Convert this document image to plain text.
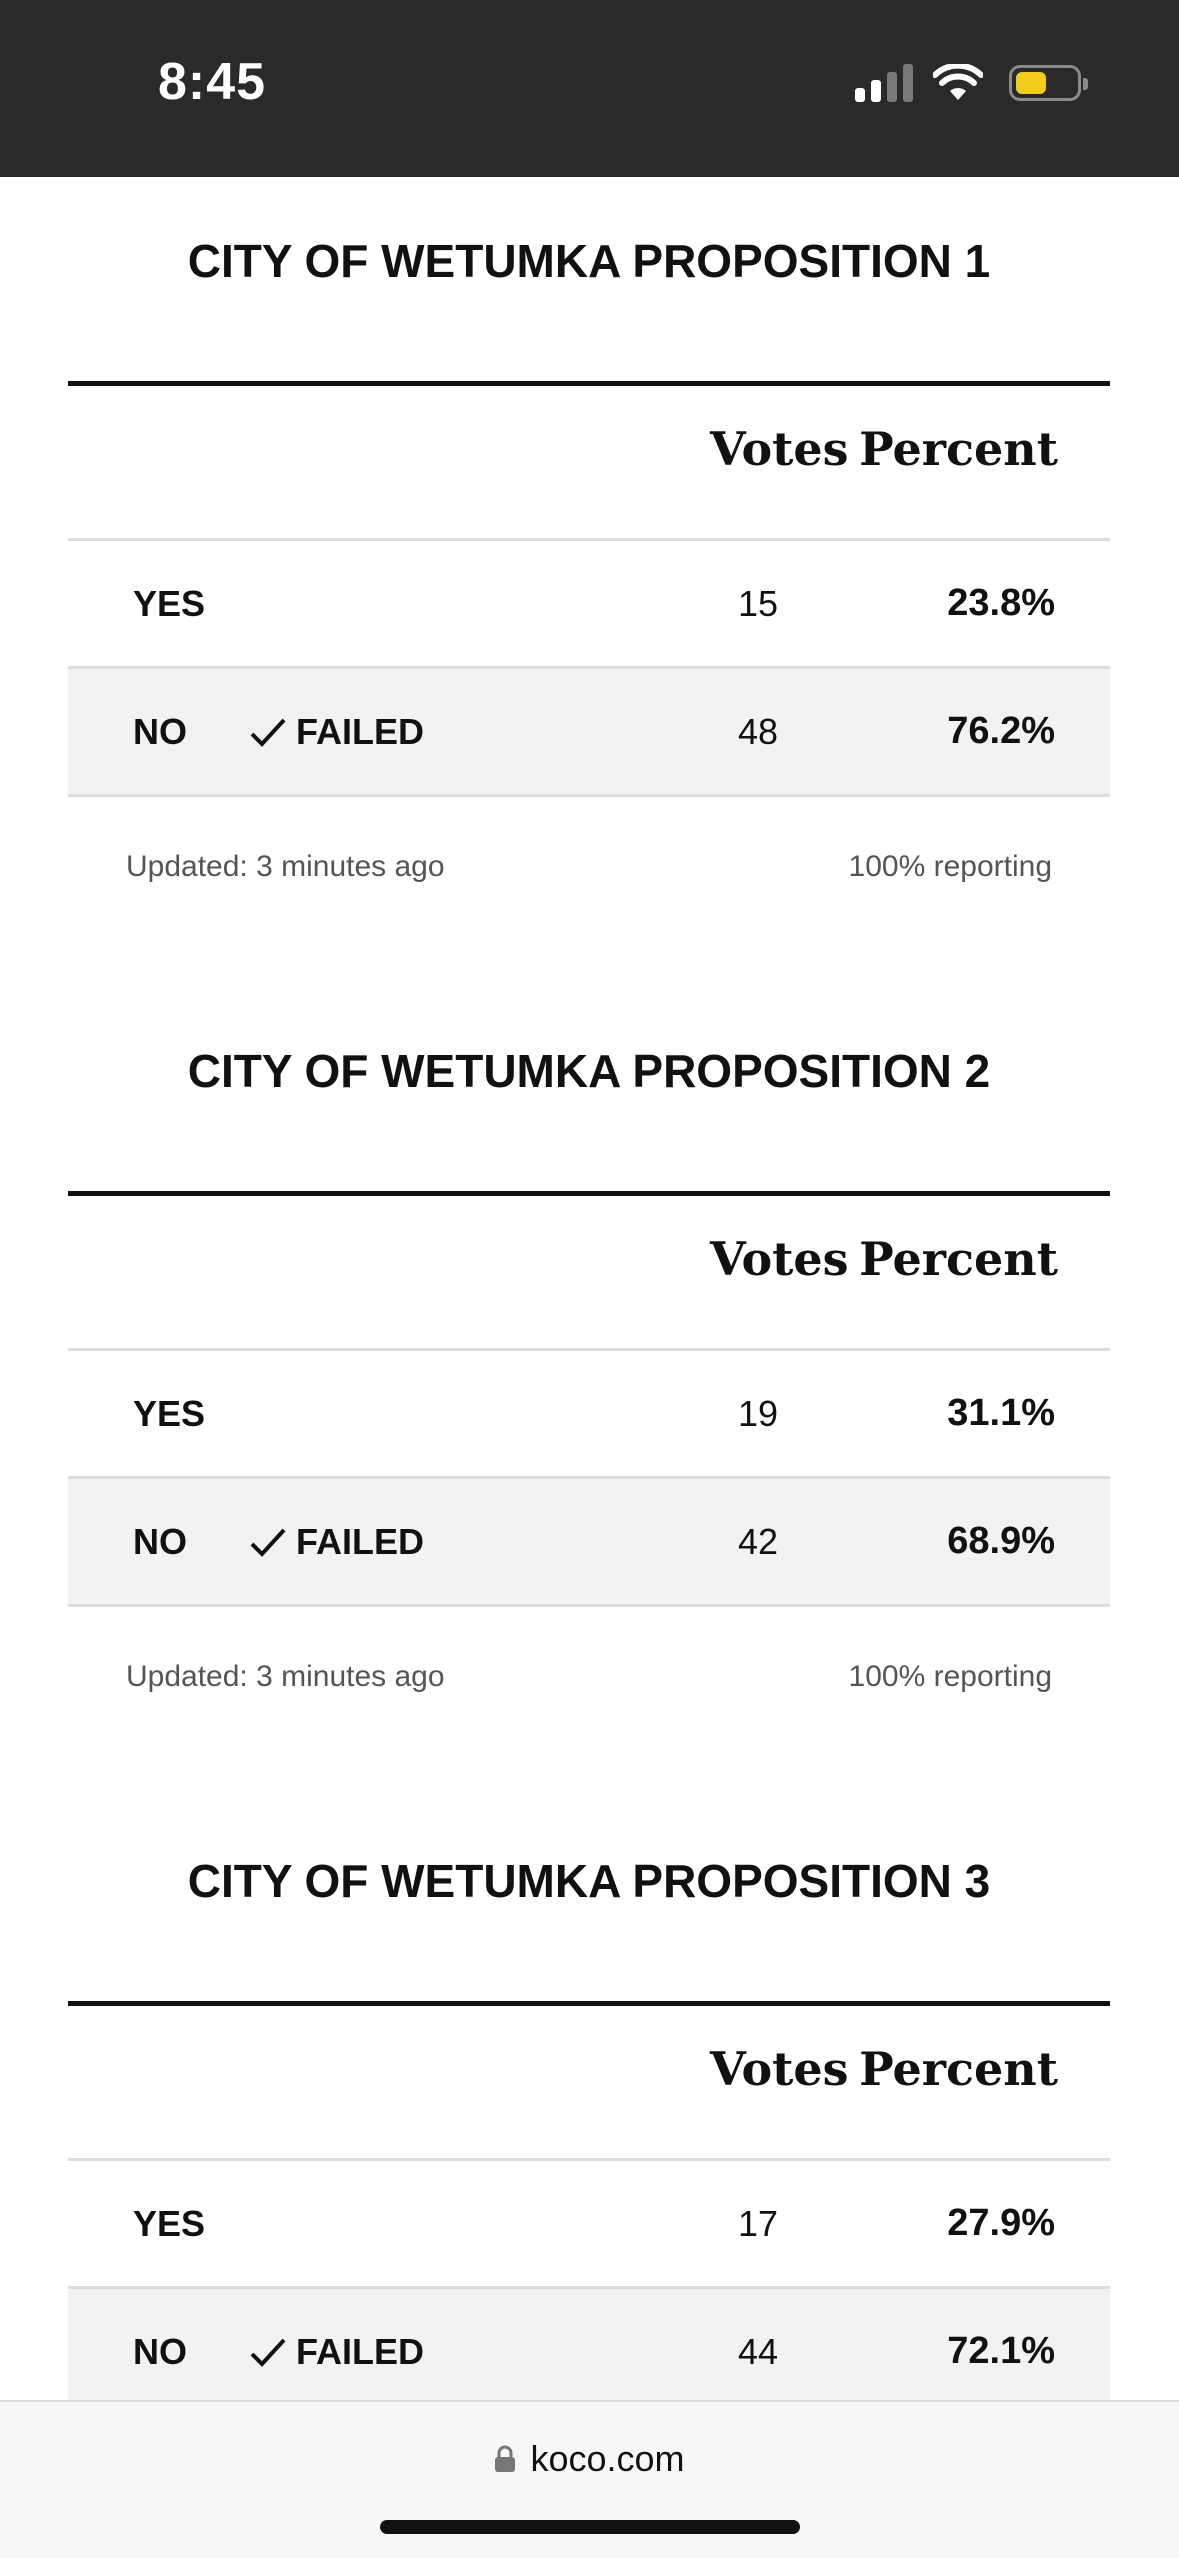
8:45
CITY OF WETUMKA PROPOSITION 1
Votes Percent
YES	15	23.8%
NO	FAILED	48	76.2%
Updated: 3 minutes ago	100% reporting
CITY OF WETUMKA PROPOSITION 2
Votes Percent
YES	19	31.1%
NO	FAILED	42	68.9%
Updated: 3 minutes ago	100% reporting
CITY OF WETUMKA PROPOSITION 3
Votes Percent
YES	17	27.9%
NO	FAILED	44	72.1%
koco.com
